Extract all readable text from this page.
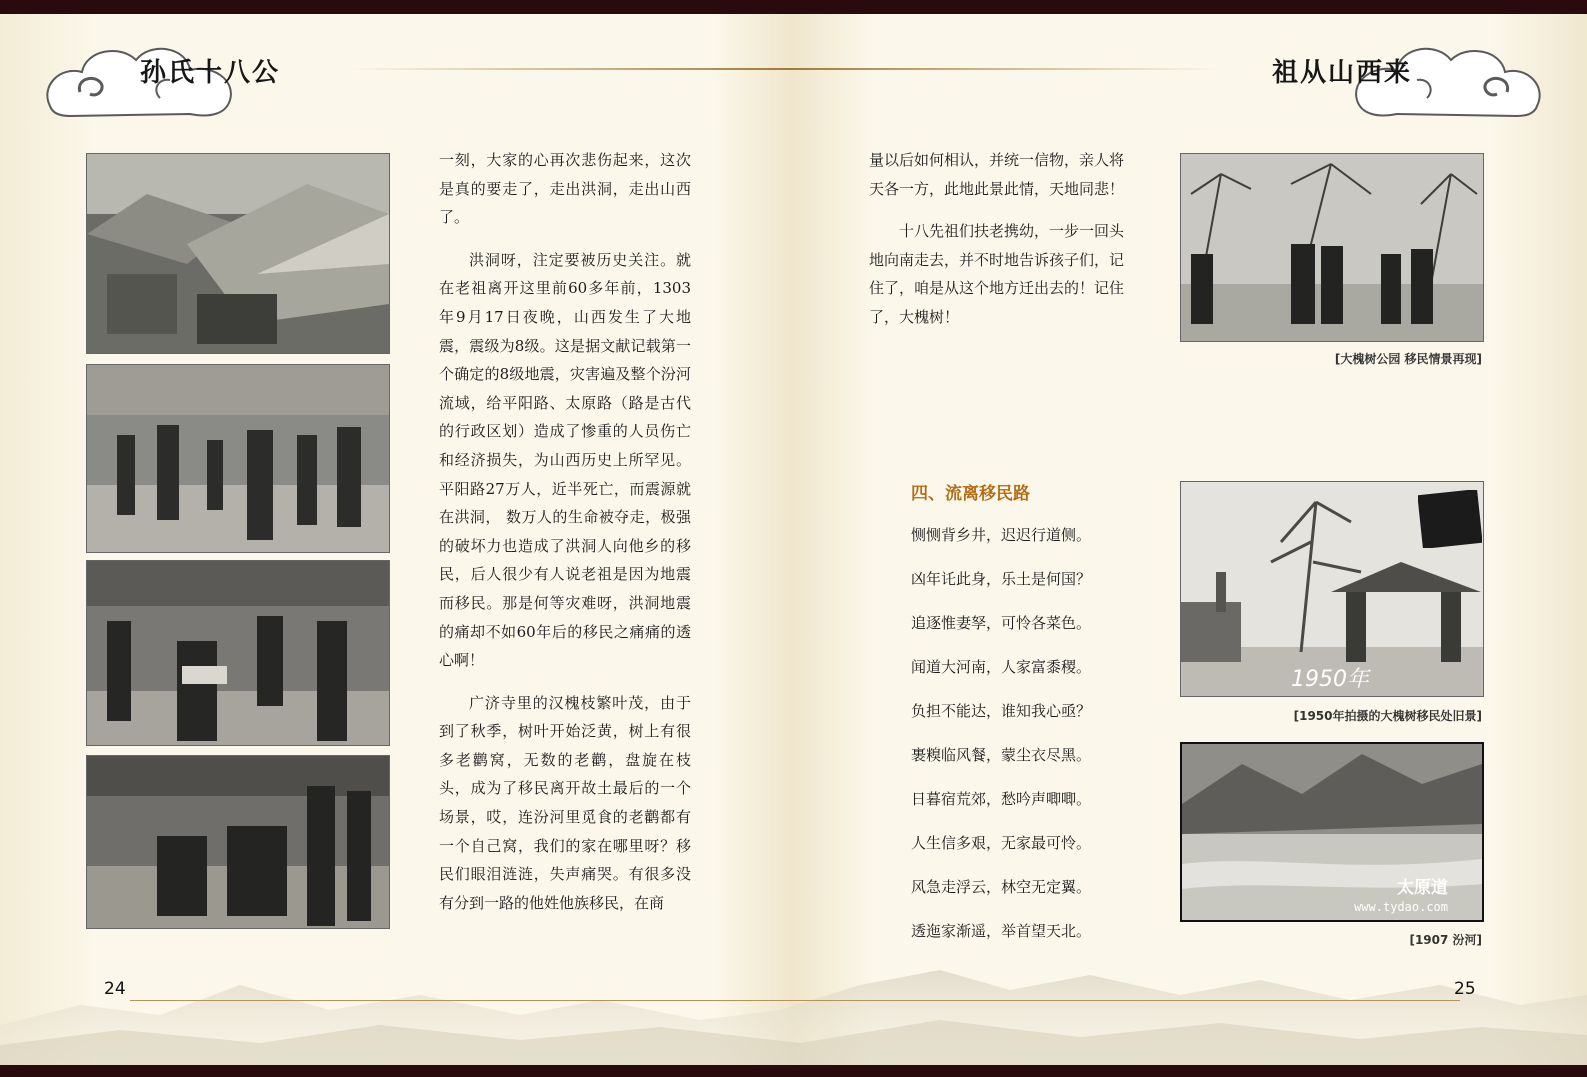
孙氏十八公	祖从山西来

一刻，大家的心再次悲伤起来，这次是真的要走了，走出洪洞，走出山西了。

洪洞呀，注定要被历史关注。就在老祖离开这里前60多年前，1303年9月17日夜晚，山西发生了大地震，震级为8级。这是据文献记载第一个确定的8级地震，灾害遍及整个汾河流域，给平阳路、太原路（路是古代的行政区划）造成了惨重的人员伤亡和经济损失，为山西历史上所罕见。平阳路27万人，近半死亡，而震源就在洪洞， 数万人的生命被夺走，极强的破坏力也造成了洪洞人向他乡的移民，后人很少有人说老祖是因为地震而移民。那是何等灾难呀，洪洞地震的痛却不如60年后的移民之痛痛的透心啊！

广济寺里的汉槐枝繁叶茂，由于到了秋季，树叶开始泛黄，树上有很多老鹳窝，无数的老鹳，盘旋在枝头，成为了移民离开故土最后的一个场景，哎，连汾河里觅食的老鹳都有一个自己窝，我们的家在哪里呀？移民们眼泪涟涟，失声痛哭。有很多没有分到一路的他姓他族移民，在商

量以后如何相认，并统一信物，亲人将天各一方，此地此景此情，天地同悲！

十八先祖们扶老携幼，一步一回头地向南走去，并不时地告诉孩子们，记住了，咱是从这个地方迁出去的！记住了，大槐树！

四、流离移民路
恻恻背乡井，迟迟行道侧。
凶年讬此身，乐土是何国？
追逐惟妻孥，可怜各菜色。
闻道大河南，人家富黍稷。
负担不能达，谁知我心亟？
裹糗临风餐，蒙尘衣尽黑。
日暮宿荒郊，愁吟声唧唧。
人生信多艰，无家最可怜。
风急走浮云，林空无定翼。
透迤家渐遥，举首望天北。
[大槐树公园 移民情景再现]
1950年
[1950年拍摄的大槐树移民处旧景]
太原道
www.tydao.com
[1907 汾河]
24	25
